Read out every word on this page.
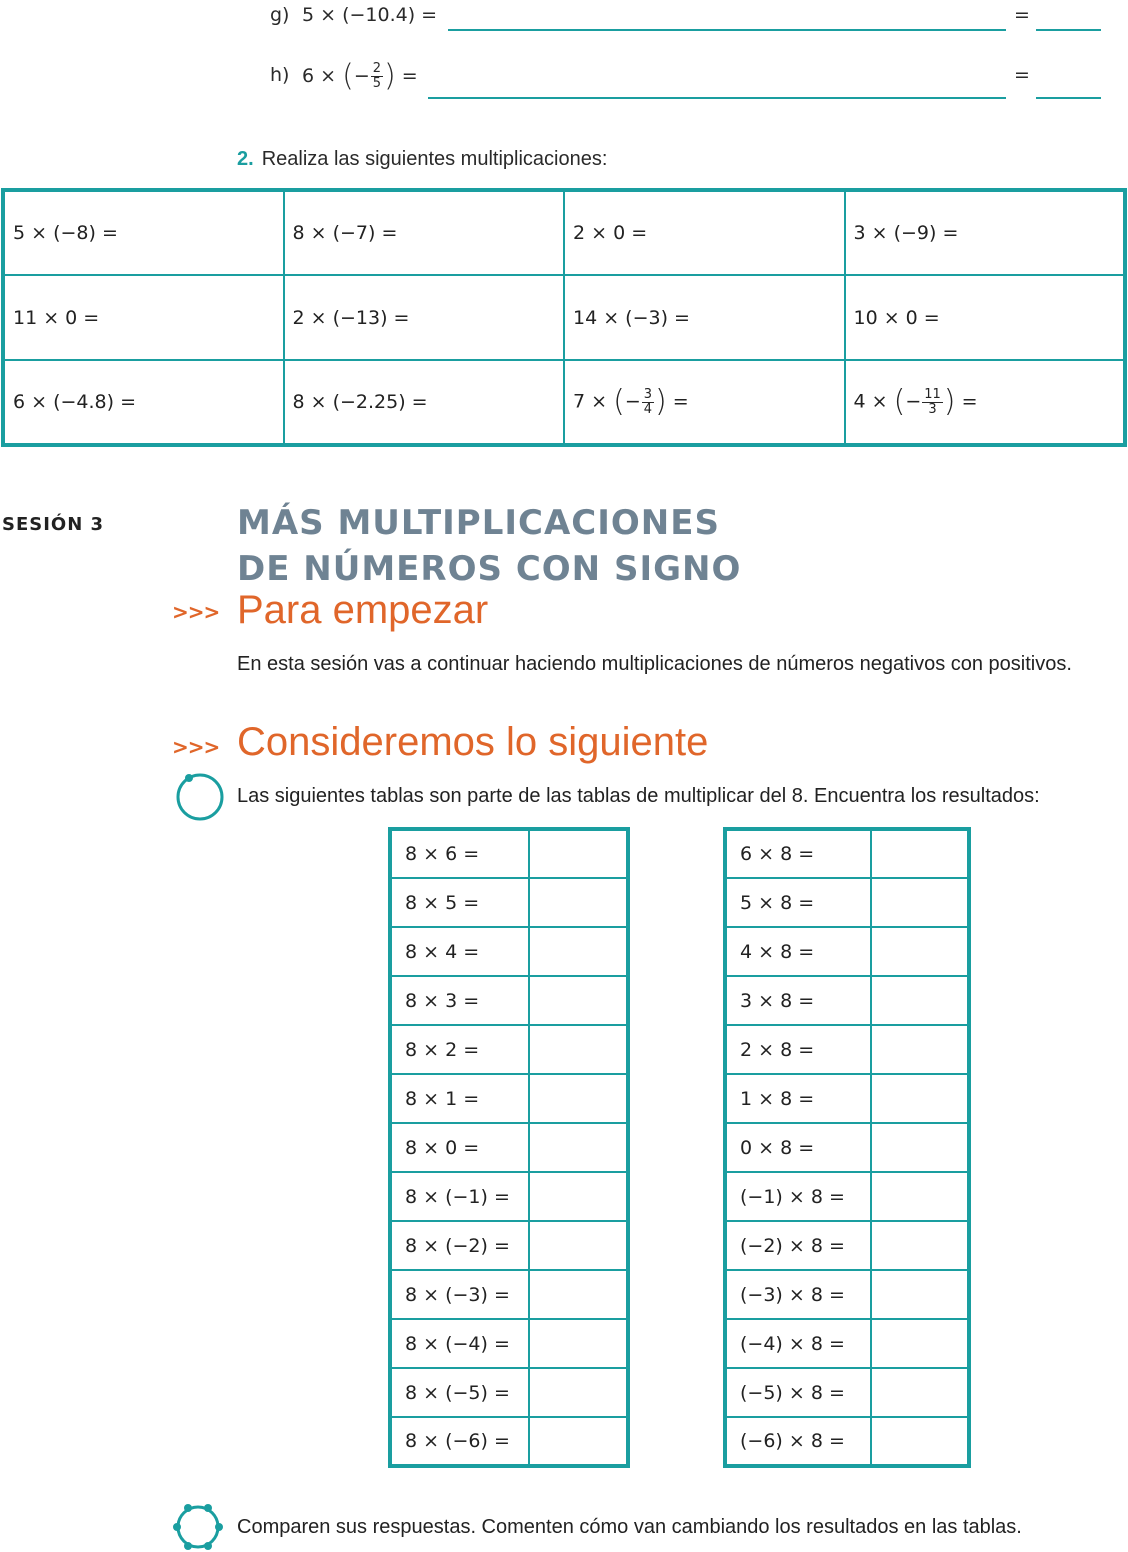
g) 5 × (−10.4) =	=
h) 6 × (− $\frac{2}{5}$ ) =	=
2. Realiza las siguientes multiplicaciones:
5 × (−8) =	8 × (−7) =	2 × 0 =	3 × (−9) =
11 × 0 =	2 × (−13) =	14 × (−3) =	10 × 0 =
6 × (−4.8) =	8 × (−2.25) =	7 × (− $\frac{3}{4}$ ) =	4 × (− $\frac{11}{3}$ ) =
SESIÓN 3	MÁS MULTIPLICACIONES
DE NÚMEROS CON SIGNO
>>> Para empezar
En esta sesión vas a continuar haciendo multiplicaciones de números negativos con positivos.
>>> Consideremos lo siguiente
Las siguientes tablas son parte de las tablas de multiplicar del 8. Encuentra los resultados:
8 × 6 =	
8 × 5 =	
8 × 4 =	
8 × 3 =	
8 × 2 =	
8 × 1 =	
8 × 0 =	
8 × (−1) =	
8 × (−2) =	
8 × (−3) =	
8 × (−4) =	
8 × (−5) =	
8 × (−6) =	
6 × 8 =	
5 × 8 =	
4 × 8 =	
3 × 8 =	
2 × 8 =	
1 × 8 =	
0 × 8 =	
(−1) × 8 =	
(−2) × 8 =	
(−3) × 8 =	
(−4) × 8 =	
(−5) × 8 =	
(−6) × 8 =	
Comparen sus respuestas. Comenten cómo van cambiando los resultados en las tablas.
